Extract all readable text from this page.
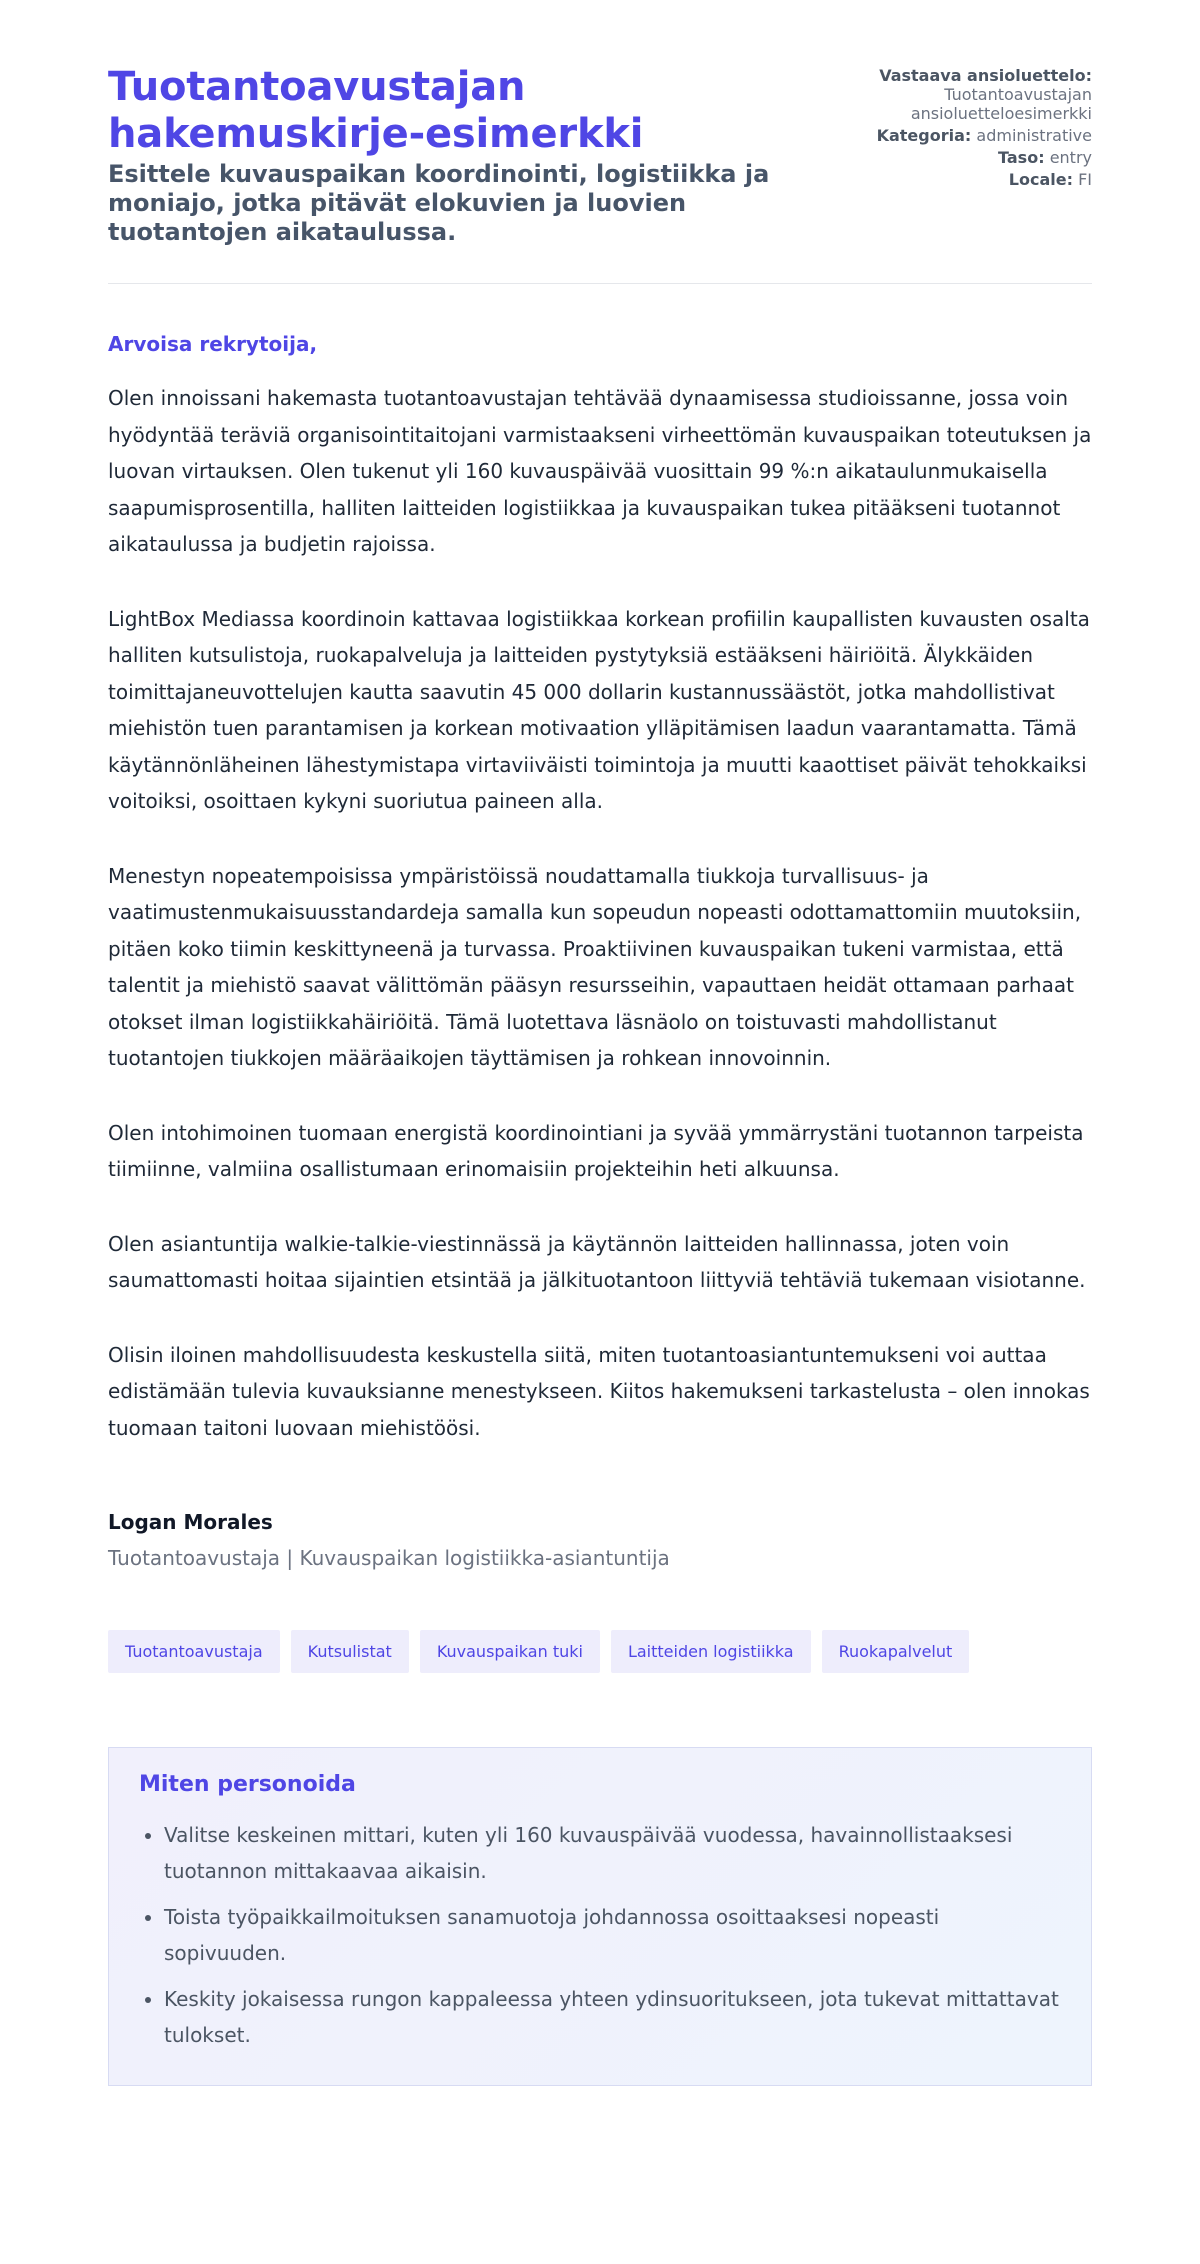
Tuotantoavustajan hakemuskirje-esimerkki
Esittele kuvauspaikan koordinointi, logistiikka ja moniajo, jotka pitävät elokuvien ja luovien tuotantojen aikataulussa.
Vastaava ansioluettelo: Tuotantoavustajan ansioluetteloesimerkki
Kategoria: administrative
Taso: entry
Locale: FI

Arvoisa rekrytoija,

Olen innoissani hakemasta tuotantoavustajan tehtävää dynaamisessa studioissanne, jossa voin hyödyntää teräviä organisointitaitojani varmistaakseni virheettömän kuvauspaikan toteutuksen ja luovan virtauksen. Olen tukenut yli 160 kuvauspäivää vuosittain 99 %:n aikataulunmukaisella saapumisprosentilla, halliten laitteiden logistiikkaa ja kuvauspaikan tukea pitääkseni tuotannot aikataulussa ja budjetin rajoissa.

LightBox Mediassa koordinoin kattavaa logistiikkaa korkean profiilin kaupallisten kuvausten osalta halliten kutsulistoja, ruokapalveluja ja laitteiden pystytyksiä estääkseni häiriöitä. Älykkäiden toimittajaneuvottelujen kautta saavutin 45 000 dollarin kustannussäästöt, jotka mahdollistivat miehistön tuen parantamisen ja korkean motivaation ylläpitämisen laadun vaarantamatta. Tämä käytännönläheinen lähestymistapa virtaviiväisti toimintoja ja muutti kaaottiset päivät tehokkaiksi voitoiksi, osoittaen kykyni suoriutua paineen alla.

Menestyn nopeatempoisissa ympäristöissä noudattamalla tiukkoja turvallisuus- ja vaatimustenmukaisuusstandardeja samalla kun sopeudun nopeasti odottamattomiin muutoksiin, pitäen koko tiimin keskittyneenä ja turvassa. Proaktiivinen kuvauspaikan tukeni varmistaa, että talentit ja miehistö saavat välittömän pääsyn resursseihin, vapauttaen heidät ottamaan parhaat otokset ilman logistiikkahäiriöitä. Tämä luotettava läsnäolo on toistuvasti mahdollistanut tuotantojen tiukkojen määräaikojen täyttämisen ja rohkean innovoinnin.

Olen intohimoinen tuomaan energistä koordinointiani ja syvää ymmärrystäni tuotannon tarpeista tiimiinne, valmiina osallistumaan erinomaisiin projekteihin heti alkuunsa.

Olen asiantuntija walkie-talkie-viestinnässä ja käytännön laitteiden hallinnassa, joten voin saumattomasti hoitaa sijaintien etsintää ja jälkituotantoon liittyviä tehtäviä tukemaan visiotanne.

Olisin iloinen mahdollisuudesta keskustella siitä, miten tuotantoasiantuntemukseni voi auttaa edistämään tulevia kuvauksianne menestykseen. Kiitos hakemukseni tarkastelusta – olen innokas tuomaan taitoni luovaan miehistöösi.

Logan Morales
Tuotantoavustaja | Kuvauspaikan logistiikka-asiantuntija
Tuotantoavustaja	Kutsulistat	Kuvauspaikan tuki	Laitteiden logistiikka	Ruokapalvelut
Miten personoida
• Valitse keskeinen mittari, kuten yli 160 kuvauspäivää vuodessa, havainnollistaaksesi tuotannon mittakaavaa aikaisin.
• Toista työpaikkailmoituksen sanamuotoja johdannossa osoittaaksesi nopeasti sopivuuden.
• Keskity jokaisessa rungon kappaleessa yhteen ydinsuoritukseen, jota tukevat mittattavat tulokset.
